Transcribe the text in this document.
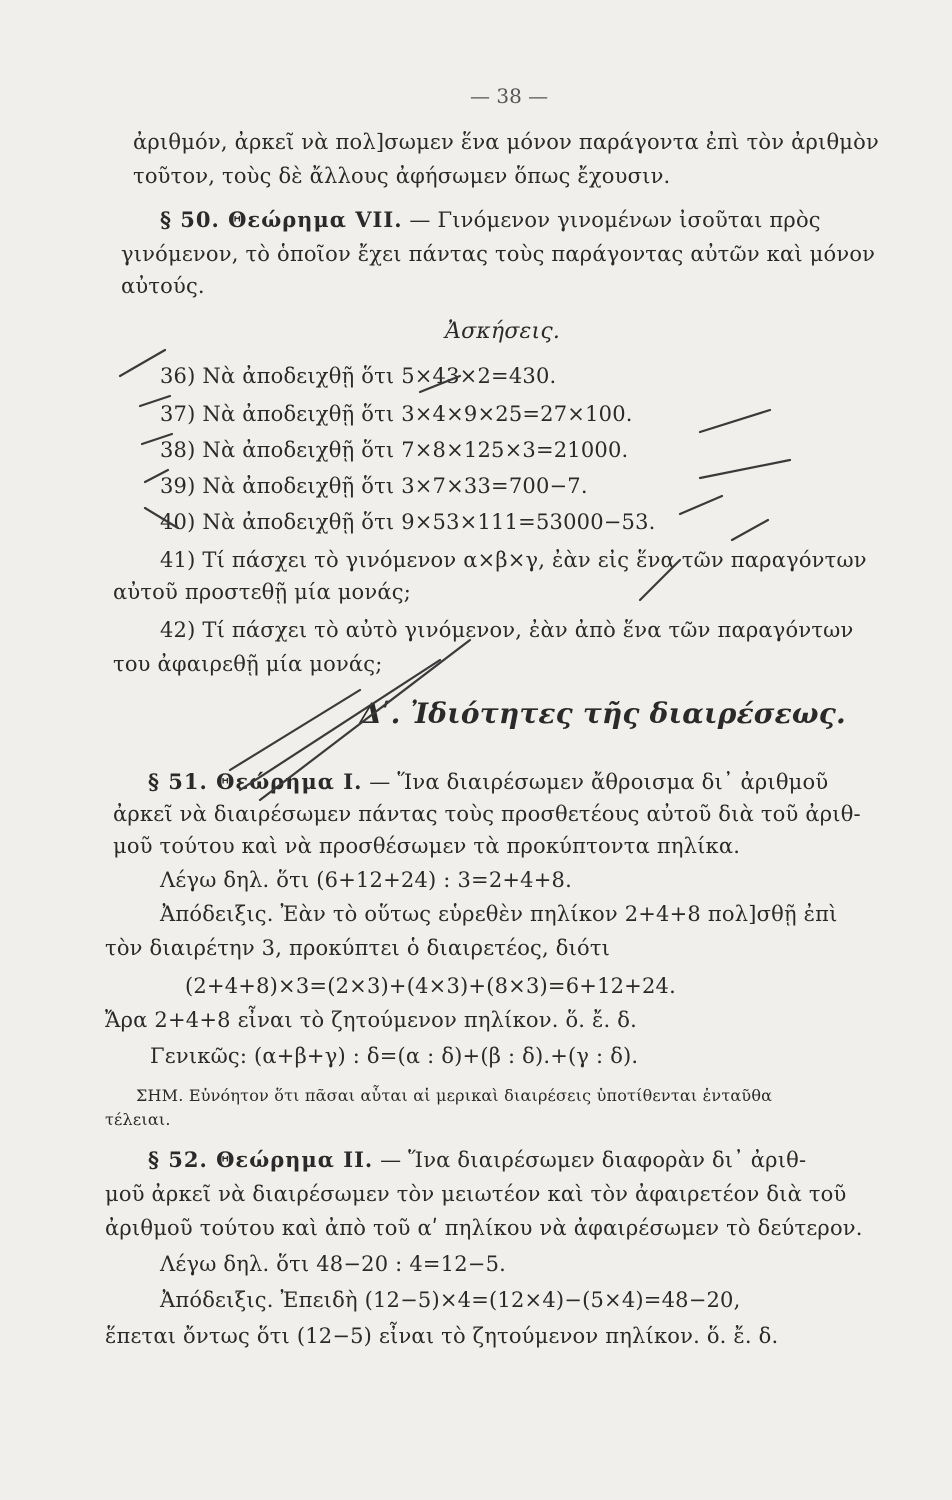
— 38 —
ἀριθμόν, ἀρκεῖ νὰ πολ]σωμεν ἕνα μόνον παράγοντα ἐπὶ τὸν ἀριθμὸν
τοῦτον, τοὺς δὲ ἄλλους ἀφήσωμεν ὅπως ἔχουσιν.
§ 50. Θεώρημα VII. — Γινόμενον γινομένων ἰσοῦται πρὸς
γινόμενον, τὸ ὁποῖον ἔχει πάντας τοὺς παράγοντας αὐτῶν καὶ μόνον
αὐτούς.
Ἀσκήσεις.
36) Νὰ ἀποδειχθῇ ὅτι 5×43×2=430.
37) Νὰ ἀποδειχθῇ ὅτι 3×4×9×25=27×100.
38) Νὰ ἀποδειχθῇ ὅτι 7×8×125×3=21000.
39) Νὰ ἀποδειχθῇ ὅτι 3×7×33=700−7.
40) Νὰ ἀποδειχθῇ ὅτι 9×53×111=53000−53.
41) Τί πάσχει τὸ γινόμενον α×β×γ, ἐὰν εἰς ἕνα τῶν παραγόντων
αὐτοῦ προστεθῇ μία μονάς;
42) Τί πάσχει τὸ αὐτὸ γινόμενον, ἐὰν ἀπὸ ἕνα τῶν παραγόντων
του ἀφαιρεθῇ μία μονάς;
Δʹ. Ἰδιότητες τῆς διαιρέσεως.
§ 51. Θεώρημα I. — Ἵνα διαιρέσωμεν ἄθροισμα δι᾽ ἀριθμοῦ
ἀρκεῖ νὰ διαιρέσωμεν πάντας τοὺς προσθετέους αὐτοῦ διὰ τοῦ ἀριθ-
μοῦ τούτου καὶ νὰ προσθέσωμεν τὰ προκύπτοντα πηλίκα.
Λέγω δηλ. ὅτι (6+12+24) : 3=2+4+8.
Ἀπόδειξις. Ἐὰν τὸ οὕτως εὑρεθὲν πηλίκον 2+4+8 πολ]σθῇ ἐπὶ
τὸν διαιρέτην 3, προκύπτει ὁ διαιρετέος, διότι
(2+4+8)×3=(2×3)+(4×3)+(8×3)=6+12+24.
Ἄρα 2+4+8 εἶναι τὸ ζητούμενον πηλίκον. ὅ. ἔ. δ.
Γενικῶς: (α+β+γ) : δ=(α : δ)+(β : δ).+(γ : δ).
ΣΗΜ. Εὐνόητον ὅτι πᾶσαι αὗται αἱ μερικαὶ διαιρέσεις ὑποτίθενται ἐνταῦθα
τέλειαι.
§ 52. Θεώρημα II. — Ἵνα διαιρέσωμεν διαφορὰν δι᾽ ἀριθ-
μοῦ ἀρκεῖ νὰ διαιρέσωμεν τὸν μειωτέον καὶ τὸν ἀφαιρετέον διὰ τοῦ
ἀριθμοῦ τούτου καὶ ἀπὸ τοῦ αʹ πηλίκου νὰ ἀφαιρέσωμεν τὸ δεύτερον.
Λέγω δηλ. ὅτι 48−20 : 4=12−5.
Ἀπόδειξις. Ἐπειδὴ (12−5)×4=(12×4)−(5×4)=48−20,
ἕπεται ὄντως ὅτι (12−5) εἶναι τὸ ζητούμενον πηλίκον. ὅ. ἔ. δ.
